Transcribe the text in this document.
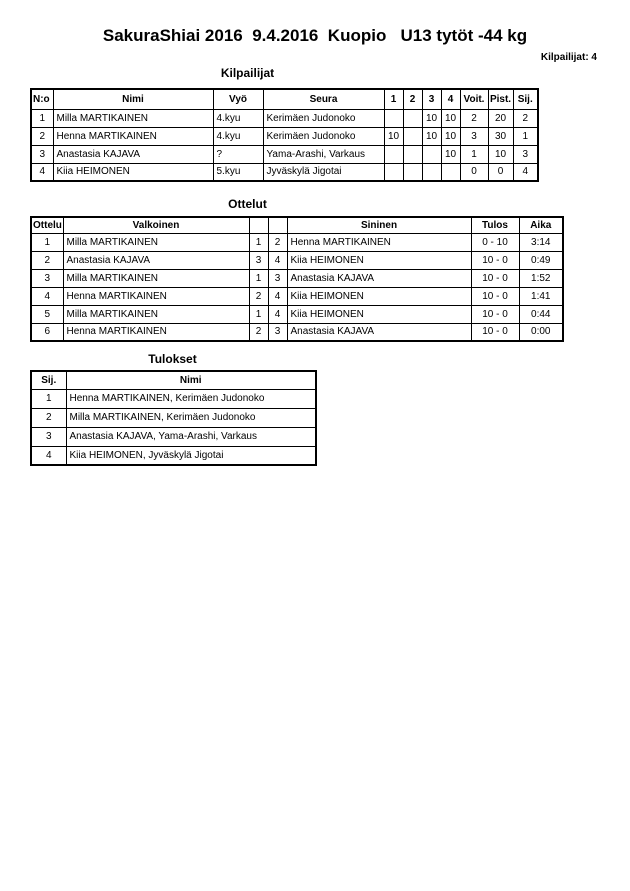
SakuraShiai 2016  9.4.2016  Kuopio   U13 tytöt -44 kg
Kilpailijat: 4
Kilpailijat
N:o	Nimi	Vyö	Seura	1	2	3	4	Voit.	Pist.	Sij.
1	Milla MARTIKAINEN	4.kyu	Kerimäen Judonoko			10	10	2	20	2
2	Henna MARTIKAINEN	4.kyu	Kerimäen Judonoko	10		10	10	3	30	1
3	Anastasia KAJAVA	?	Yama-Arashi, Varkaus				10	1	10	3
4	Kiia HEIMONEN	5.kyu	Jyväskylä Jigotai					0	0	4
Ottelut
Ottelu	Valkoinen			Sininen	Tulos	Aika
1	Milla MARTIKAINEN	1	2	Henna MARTIKAINEN	0 - 10	3:14
2	Anastasia KAJAVA	3	4	Kiia HEIMONEN	10 - 0	0:49
3	Milla MARTIKAINEN	1	3	Anastasia KAJAVA	10 - 0	1:52
4	Henna MARTIKAINEN	2	4	Kiia HEIMONEN	10 - 0	1:41
5	Milla MARTIKAINEN	1	4	Kiia HEIMONEN	10 - 0	0:44
6	Henna MARTIKAINEN	2	3	Anastasia KAJAVA	10 - 0	0:00
Tulokset
Sij.	Nimi
1	Henna MARTIKAINEN, Kerimäen Judonoko
2	Milla MARTIKAINEN, Kerimäen Judonoko
3	Anastasia KAJAVA, Yama-Arashi, Varkaus
4	Kiia HEIMONEN, Jyväskylä Jigotai
